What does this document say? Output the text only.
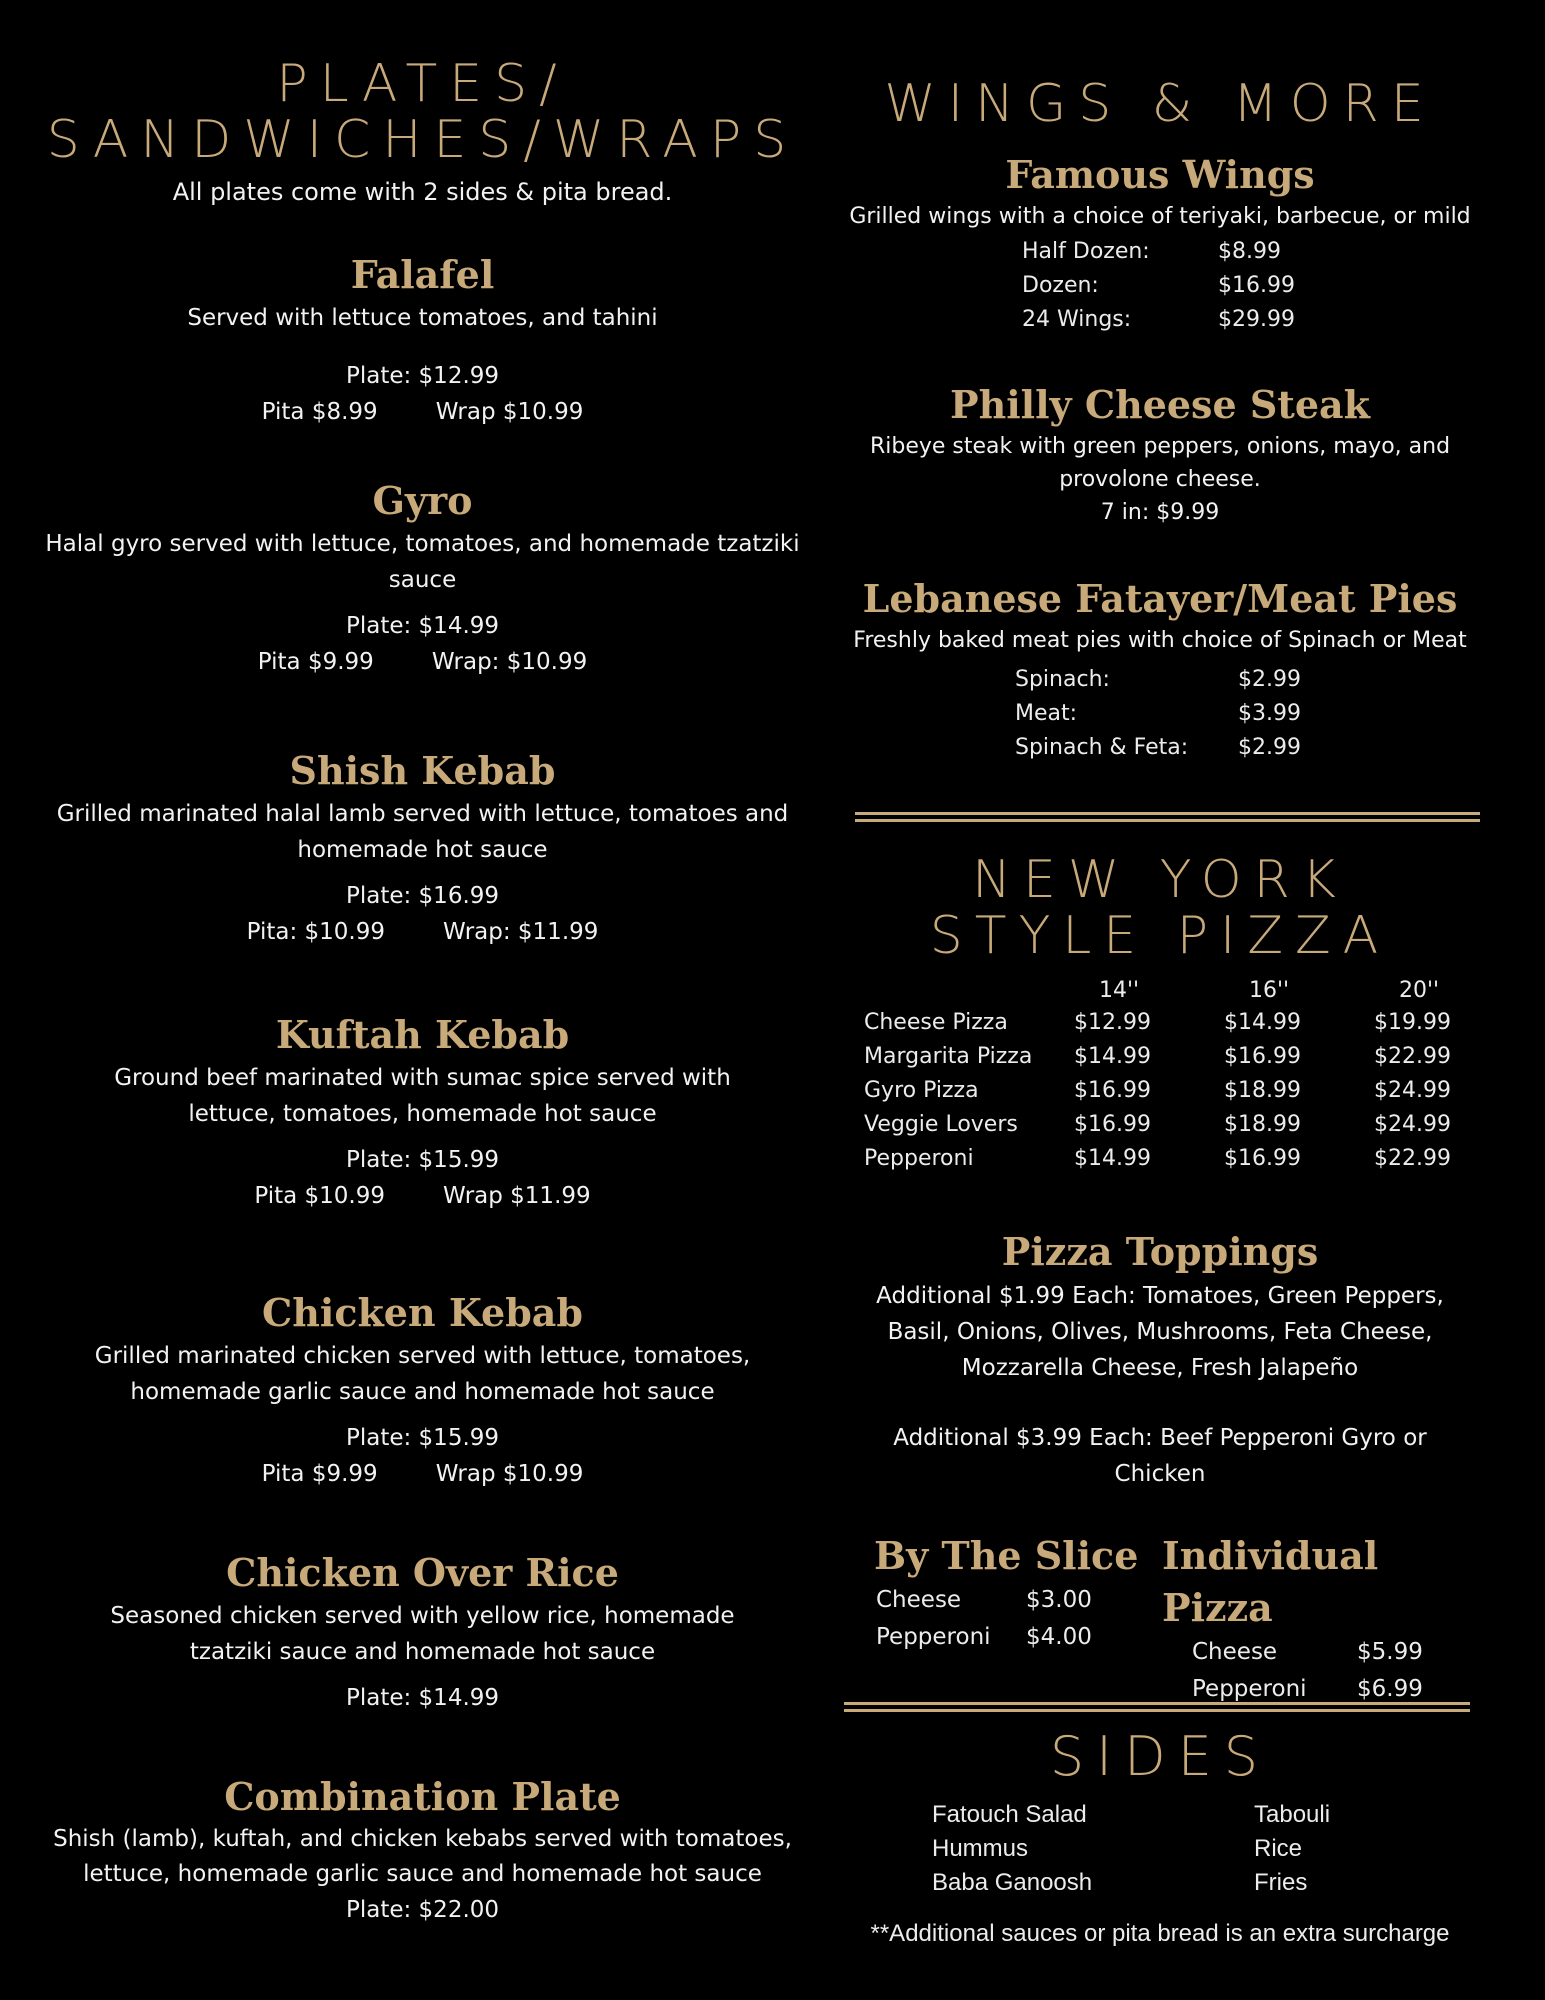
PLATES/
SANDWICHES/WRAPS
All plates come with 2 sides & pita bread.
Falafel
Served with lettuce tomatoes, and tahini
Plate: $12.99
Pita $8.99	Wrap $10.99
Gyro
Halal gyro served with lettuce, tomatoes, and homemade tzatziki sauce
Plate: $14.99
Pita $9.99	Wrap: $10.99
Shish Kebab
Grilled marinated halal lamb served with lettuce, tomatoes and homemade hot sauce
Plate: $16.99
Pita: $10.99	Wrap: $11.99
Kuftah Kebab
Ground beef marinated with sumac spice served with lettuce, tomatoes, homemade hot sauce
Plate: $15.99
Pita $10.99	Wrap $11.99
Chicken Kebab
Grilled marinated chicken served with lettuce, tomatoes, homemade garlic sauce and homemade hot sauce
Plate: $15.99
Pita $9.99	Wrap $10.99
Chicken Over Rice
Seasoned chicken served with yellow rice, homemade tzatziki sauce and homemade hot sauce
Plate: $14.99
Combination Plate
Shish (lamb), kuftah, and chicken kebabs served with tomatoes, lettuce, homemade garlic sauce and homemade hot sauce
Plate: $22.00
WINGS & MORE
Famous Wings
Grilled wings with a choice of teriyaki, barbecue, or mild
Half Dozen:	$8.99
Dozen:	$16.99
24 Wings:	$29.99
Philly Cheese Steak
Ribeye steak with green peppers, onions, mayo, and provolone cheese.
7 in: $9.99
Lebanese Fatayer/Meat Pies
Freshly baked meat pies with choice of Spinach or Meat
Spinach:	$2.99
Meat:	$3.99
Spinach & Feta:	$2.99
NEW YORK
STYLE PIZZA
14''	16''	20''
Cheese Pizza	$12.99	$14.99	$19.99
Margarita Pizza	$14.99	$16.99	$22.99
Gyro Pizza	$16.99	$18.99	$24.99
Veggie Lovers	$16.99	$18.99	$24.99
Pepperoni	$14.99	$16.99	$22.99
Pizza Toppings
Additional $1.99 Each: Tomatoes, Green Peppers, Basil, Onions, Olives, Mushrooms, Feta Cheese, Mozzarella Cheese, Fresh Jalapeño
Additional $3.99 Each: Beef Pepperoni Gyro or Chicken
By The Slice
Cheese	$3.00
Pepperoni	$4.00
Individual Pizza
Cheese	$5.99
Pepperoni	$6.99
SIDES
Fatouch Salad	Tabouli
Hummus	Rice
Baba Ganoosh	Fries
**Additional sauces or pita bread is an extra surcharge
